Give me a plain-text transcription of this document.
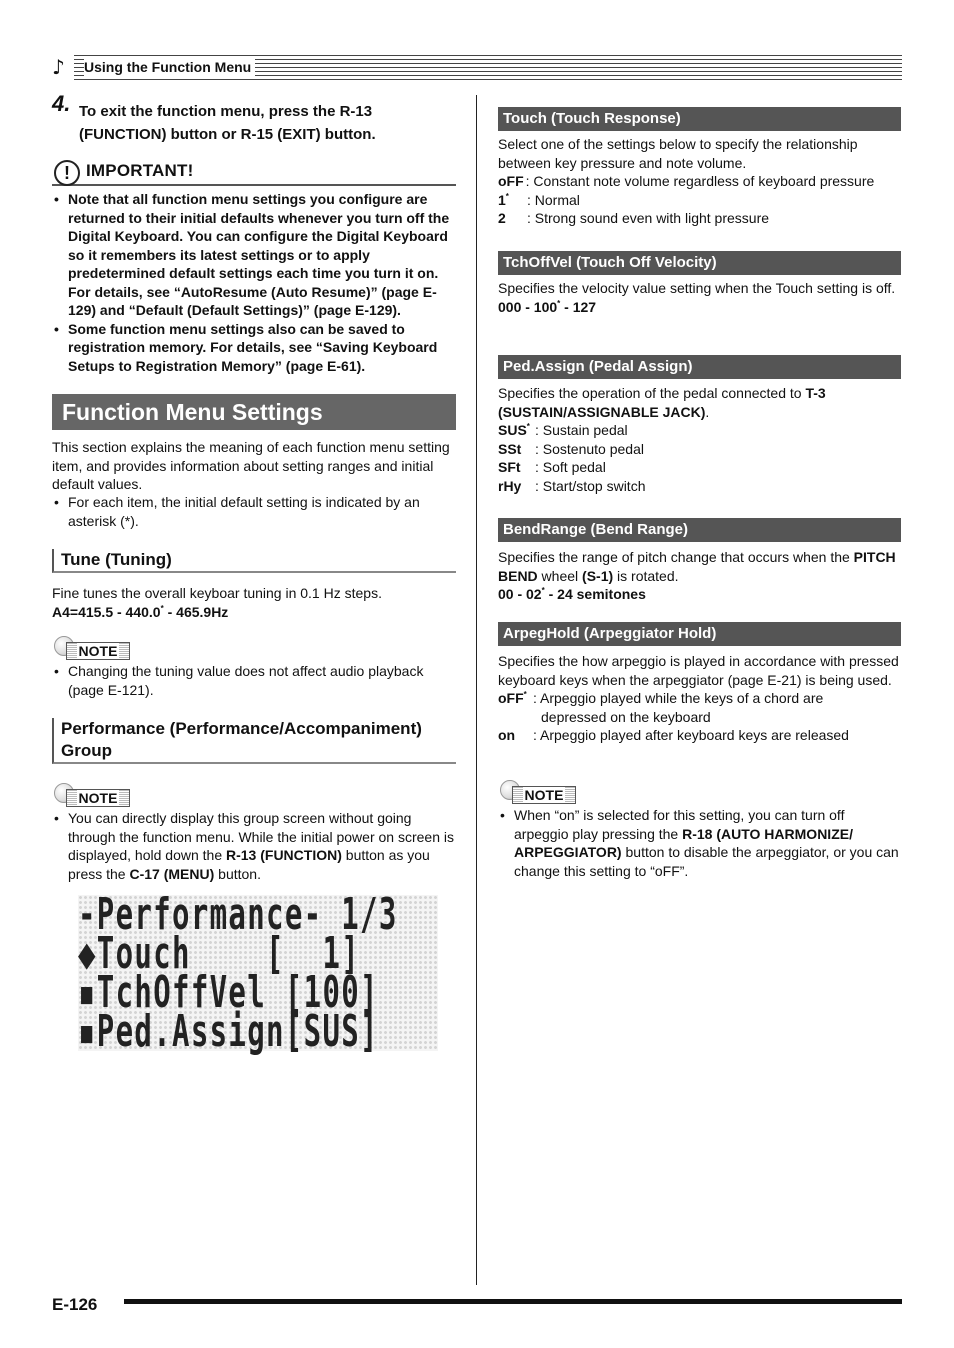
♪	Using the Function Menu
4. To exit the function menu, press the R-13 (FUNCTION) button or R-15 (EXIT) button.
! IMPORTANT!
• Note that all function menu settings you configure are returned to their initial defaults whenever you turn off the Digital Keyboard. You can configure the Digital Keyboard so it remembers its latest settings or to apply predetermined default settings each time you turn it on. For details, see “AutoResume (Auto Resume)” (page E-129) and “Default (Default Settings)” (page E-129).
• Some function menu settings also can be saved to registration memory. For details, see “Saving Keyboard Setups to Registration Memory” (page E-61).
Function Menu Settings
This section explains the meaning of each function menu setting item, and provides information about setting ranges and initial default values.
• For each item, the initial default setting is indicated by an asterisk (*).
Tune (Tuning)
Fine tunes the overall keyboar tuning in 0.1 Hz steps.
A4=415.5 - 440.0* - 465.9Hz
NOTE
• Changing the tuning value does not affect audio playback (page E-121).
Performance (Performance/Accompaniment) Group
NOTE
• You can directly display this group screen without going through the function menu. While the initial power on screen is displayed, hold down the R-13 (FUNCTION) button as you press the C-17 (MENU) button.
-Performance- 1/3
◆Touch    [  1]
▪TchOffVel [100]
▪Ped.Assign[SUS]
Touch (Touch Response)
Select one of the settings below to specify the relationship between key pressure and note volume.
oFF : Constant note volume regardless of keyboard pressure
1*	: Normal
2	: Strong sound even with light pressure
TchOffVel (Touch Off Velocity)
Specifies the velocity value setting when the Touch setting is off.
000 - 100* - 127
Ped.Assign (Pedal Assign)
Specifies the operation of the pedal connected to T-3 (SUSTAIN/ASSIGNABLE JACK).
SUS* : Sustain pedal
SSt : Sostenuto pedal
SFt	: Soft pedal
rHy : Start/stop switch
BendRange (Bend Range)
Specifies the range of pitch change that occurs when the PITCH BEND wheel (S-1) is rotated.
00 - 02* - 24 semitones
ArpegHold (Arpeggiator Hold)
Specifies the how arpeggio is played in accordance with pressed keyboard keys when the arpeggiator (page E-21) is being used.
oFF* : Arpeggio played while the keys of a chord are depressed on the keyboard
on	: Arpeggio played after keyboard keys are released
NOTE
• When “on” is selected for this setting, you can turn off arpeggio play pressing the R-18 (AUTO HARMONIZE/ ARPEGGIATOR) button to disable the arpeggiator, or you can change this setting to “oFF”.
E-126
